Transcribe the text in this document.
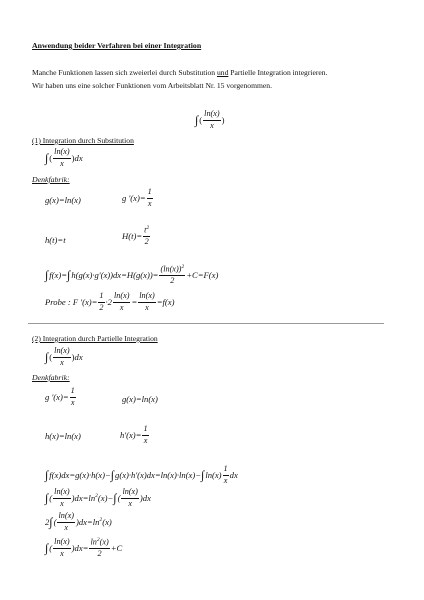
Anwendung beider Verfahren bei einer Integration
Manche Funktionen lassen sich zweierlei durch Substitution und Partielle Integration integrieren.
Wir haben uns eine solcher Funktionen vom Arbeitsblatt Nr. 15 vorgenommen.
∫( $\frac{\ln(x)}{x}$ )
(1) Integration durch Substitution
∫( $\frac{\ln(x)}{x} )dx$
Denkfabrik:
g(x)=ln(x)	g '$(x)= \frac{1}{x}$
h(t)=t	$H(t)= \frac{t^2}{2}$
$\int f(x)=\int h(g(x)\cdot g'(x))dx=H(g(x))= \frac{(\ln(x))^2}{2} +C=F(x)$
Probe : F '$(x)= \frac{1}{2} \cdot 2 \frac{\ln(x)}{x} = \frac{\ln(x)}{x} =f(x)$
(2) Integration durch Partielle Integration
∫( $\frac{\ln(x)}{x} )dx$
Denkfabrik:
g '$(x)= \frac{1}{x}$	g(x)=ln(x)
h(x)=ln(x)	$h'(x)= \frac{1}{x}$
$\int f(x)dx=g(x)\cdot h(x)-\int g(x)\cdot h'(x)dx=\ln(x)\cdot\ln(x)-\int\ln(x) \frac{1}{x}$ dx
∫( $\frac{\ln(x)}{x} )dx=\ln^2(x)-\int( \frac{\ln(x)}{x} )dx$
$2\int( \frac{\ln(x)}{x} )dx=\ln^2(x)$
∫( $\frac{\ln(x)}{x} )dx= \frac{\ln^2(x)}{2} +C$
